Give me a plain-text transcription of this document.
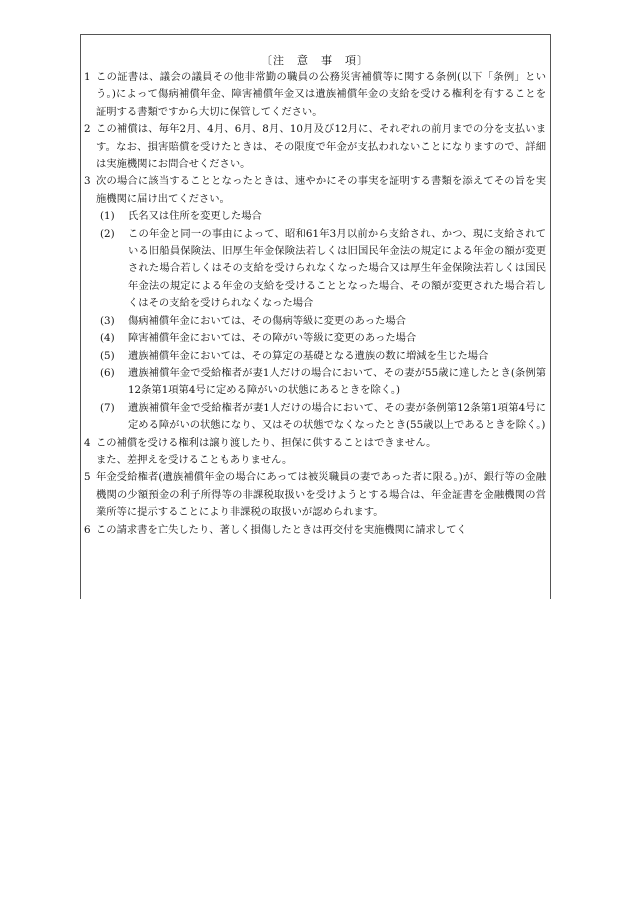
〔注　意　事　項〕
1 この証書は、議会の議員その他非常勤の職員の公務災害補償等に関する条例(以下「条例」という。)によって傷病補償年金、障害補償年金又は遺族補償年金の支給を受ける権利を有することを証明する書類ですから大切に保管してください。
2 この補償は、毎年2月、4月、6月、8月、10月及び12月に、それぞれの前月までの分を支払います。なお、損害賠償を受けたときは、その限度で年金が支払われないことになりますので、詳細は実施機関にお問合せください。
3 次の場合に該当することとなったときは、速やかにその事実を証明する書類を添えてその旨を実施機関に届け出てください。
(1) 氏名又は住所を変更した場合
(2) この年金と同一の事由によって、昭和61年3月以前から支給され、かつ、現に支給されている旧船員保険法、旧厚生年金保険法若しくは旧国民年金法の規定による年金の額が変更された場合若しくはその支給を受けられなくなった場合又は厚生年金保険法若しくは国民年金法の規定による年金の支給を受けることとなった場合、その額が変更された場合若しくはその支給を受けられなくなった場合
(3) 傷病補償年金においては、その傷病等級に変更のあった場合
(4) 障害補償年金においては、その障がい等級に変更のあった場合
(5) 遺族補償年金においては、その算定の基礎となる遺族の数に増減を生じた場合
(6) 遺族補償年金で受給権者が妻1人だけの場合において、その妻が55歳に達したとき(条例第12条第1項第4号に定める障がいの状態にあるときを除く。)
(7) 遺族補償年金で受給権者が妻1人だけの場合において、その妻が条例第12条第1項第4号に定める障がいの状態になり、又はその状態でなくなったとき(55歳以上であるときを除く。)
4 この補償を受ける権利は譲り渡したり、担保に供することはできません。
また、差押えを受けることもありません。
5 年金受給権者(遺族補償年金の場合にあっては被災職員の妻であった者に限る。)が、銀行等の金融機関の少額預金の利子所得等の非課税取扱いを受けようとする場合は、年金証書を金融機関の営業所等に提示することにより非課税の取扱いが認められます。
6 この請求書を亡失したり、著しく損傷したときは再交付を実施機関に請求してく
